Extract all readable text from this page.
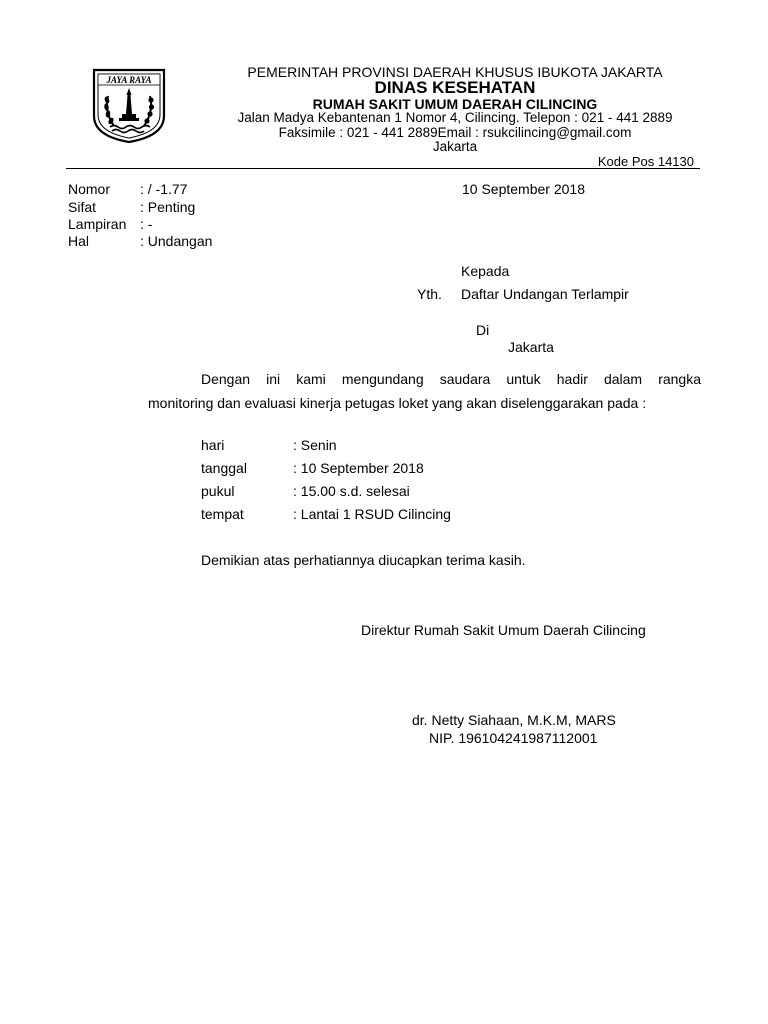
JAYA RAYA	PEMERINTAH PROVINSI DAERAH KHUSUS IBUKOTA JAKARTA
DINAS KESEHATAN
RUMAH SAKIT UMUM DAERAH CILINCING
Jalan Madya Kebantenan 1 Nomor 4, Cilincing. Telepon : 021 - 441 2889
Faksimile : 021 - 441 2889Email : rsukcilincing@gmail.com
Jakarta
Kode Pos 14130
Nomor : / -1.77
Sifat	: Penting
Lampiran : -
Hal	: Undangan
10 September 2018
Kepada
Yth. Daftar Undangan Terlampir
Di
Jakarta
Dengan ini kami mengundang saudara untuk hadir dalam rangka
monitoring dan evaluasi kinerja petugas loket yang akan diselenggarakan pada :
hari	: Senin
tanggal	: 10 September 2018
pukul	: 15.00 s.d. selesai
tempat	: Lantai 1 RSUD Cilincing
Demikian atas perhatiannya diucapkan terima kasih.
Direktur Rumah Sakit Umum Daerah Cilincing
dr. Netty Siahaan, M.K.M, MARS
NIP. 196104241987112001
